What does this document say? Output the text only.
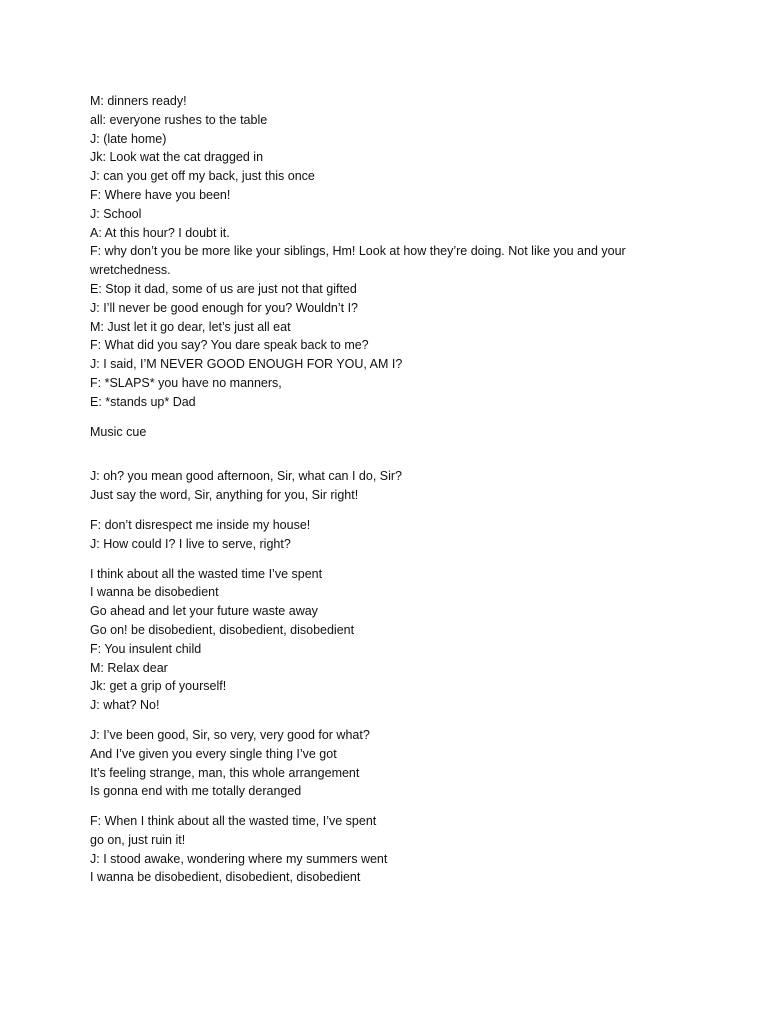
M: dinners ready!
all: everyone rushes to the table
J: (late home)
Jk: Look wat the cat dragged in
J: can you get off my back, just this once
F: Where have you been!
J: School
A: At this hour? I doubt it.
F: why don’t you be more like your siblings, Hm! Look at how they’re doing. Not like you and your wretchedness.
E: Stop it dad, some of us are just not that gifted
J: I’ll never be good enough for you? Wouldn’t I?
M: Just let it go dear, let’s just all eat
F: What did you say? You dare speak back to me?
J: I said, I’M NEVER GOOD ENOUGH FOR YOU, AM I?
F: *SLAPS* you have no manners,
E: *stands up* Dad
Music cue
J: oh? you mean good afternoon, Sir, what can I do, Sir?
Just say the word, Sir, anything for you, Sir right!
F: don’t disrespect me inside my house!
J: How could I? I live to serve, right?
I think about all the wasted time I’ve spent
I wanna be disobedient
Go ahead and let your future waste away
Go on! be disobedient, disobedient, disobedient
F: You insulent child
M: Relax dear
Jk: get a grip of yourself!
J: what? No!
J: I’ve been good, Sir, so very, very good for what?
And I’ve given you every single thing I’ve got
It’s feeling strange, man, this whole arrangement
Is gonna end with me totally deranged
F: When I think about all the wasted time, I’ve spent
go on, just ruin it!
J: I stood awake, wondering where my summers went
I wanna be disobedient, disobedient, disobedient
